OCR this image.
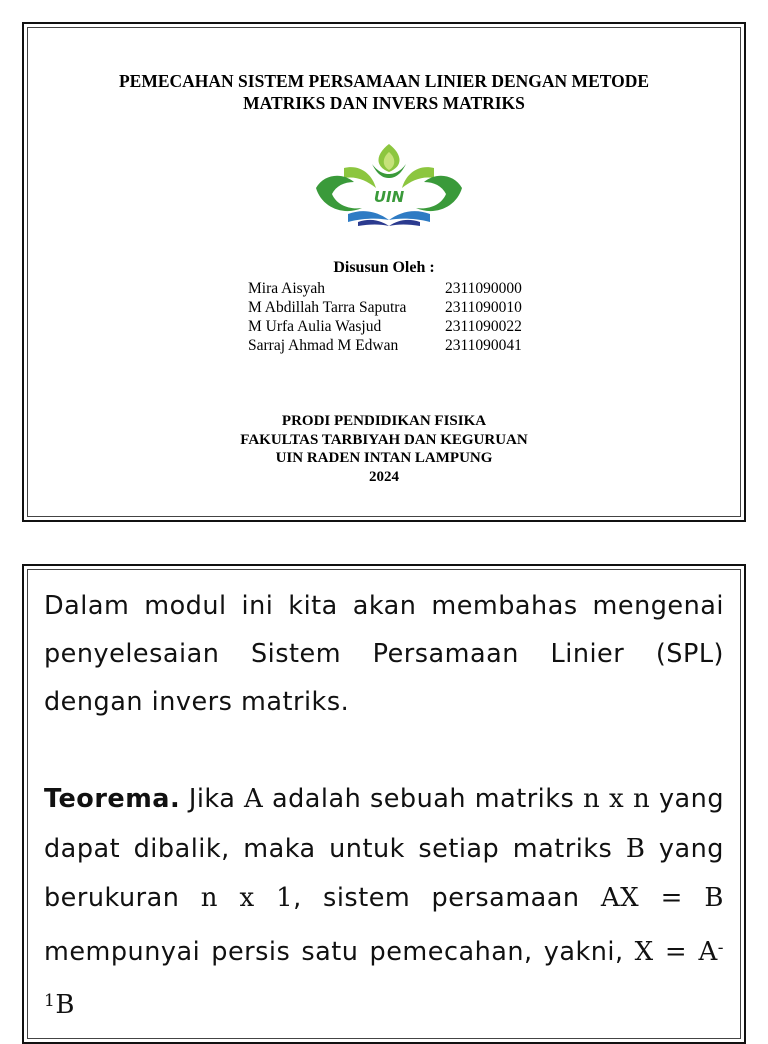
PEMECAHAN SISTEM PERSAMAAN LINIER DENGAN METODE
MATRIKS DAN INVERS MATRIKS
UIN
Disusun Oleh :
Mira Aisyah	2311090000
M Abdillah Tarra Saputra	2311090010
M Urfa Aulia Wasjud	2311090022
Sarraj Ahmad M Edwan	2311090041
PRODI PENDIDIKAN FISIKA
FAKULTAS TARBIYAH DAN KEGURUAN
UIN RADEN INTAN LAMPUNG
2024

Dalam modul ini kita akan membahas mengenai penyelesaian Sistem Persamaan Linier (SPL) dengan invers matriks.

Teorema. Jika A adalah sebuah matriks n x n yang dapat dibalik, maka untuk setiap matriks B yang berukuran n x 1, sistem persamaan AX = B mempunyai persis satu pemecahan, yakni, $X = A^{-1}B$
